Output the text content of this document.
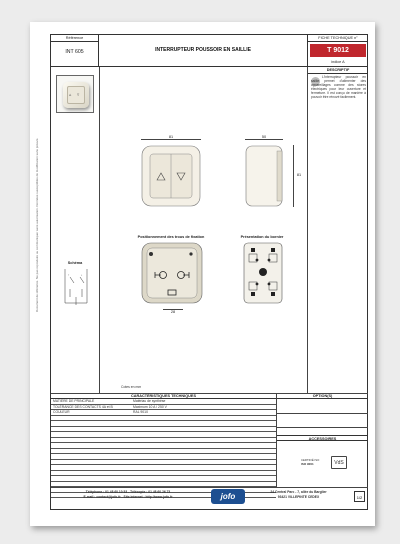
Document de référence. Ne pas reproduire ou communiquer sans autorisation. Données susceptibles de modification sans préavis.
Référence
INT 605	INTERRUPTEUR POUSSOIR EN SAILLIE
FICHE TECHNIQUE n°
T 9012
indice A
DESCRIPTIF
L'interrupteur poussoir en saillie permet d'alimenter des appareillages comme des stores électriques pour leur ouverture et fermeture. Il est conçu de manière à pouvoir être rénové facilement.
▵ ▿
Schéma
↑	↓
81	50
81
Positionnement des trous de fixation
28
Présentation du bornier
Cotes en mm
CARACTÉRISTIQUES TECHNIQUES
MATIÈRE DE PRINCIPALE	Matériau de synthèse
TOLÉRANCE DES CONTACTS 4A et B	Maximum 10 A / 250 V
COULEUR	RAL 9010
OPTION(S)
ACCESSOIRES
CERTIFIÉ ISO
ISO 9001	VdS
Téléphone : 01 48 60 10 53 - Télécopie : 01 48 60 26 73
E-mail : contact@jofo.fr - Site internet : http://www.jofo.fr	jofo	24 Central Parc - 7, allée du Barglier
93421 VILLEPINTE CEDEX	1/2
